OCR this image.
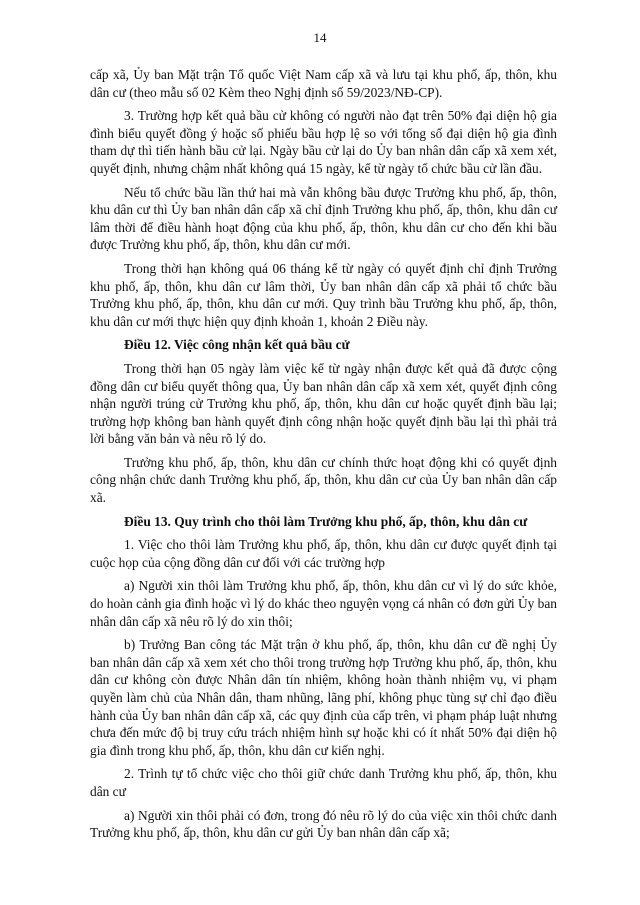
14

cấp xã, Ủy ban Mặt trận Tổ quốc Việt Nam cấp xã và lưu tại khu phố, ấp, thôn, khu dân cư (theo mẫu số 02 Kèm theo Nghị định số 59/2023/NĐ-CP).

3. Trường hợp kết quả bầu cử không có người nào đạt trên 50% đại diện hộ gia đình biểu quyết đồng ý hoặc số phiếu bầu hợp lệ so với tổng số đại diện hộ gia đình tham dự thì tiến hành bầu cử lại. Ngày bầu cử lại do Ủy ban nhân dân cấp xã xem xét, quyết định, nhưng chậm nhất không quá 15 ngày, kể từ ngày tổ chức bầu cử lần đầu.

Nếu tổ chức bầu lần thứ hai mà vẫn không bầu được Trưởng khu phố, ấp, thôn, khu dân cư thì Ủy ban nhân dân cấp xã chỉ định Trưởng khu phố, ấp, thôn, khu dân cư lâm thời để điều hành hoạt động của khu phố, ấp, thôn, khu dân cư cho đến khi bầu được Trưởng khu phố, ấp, thôn, khu dân cư mới.

Trong thời hạn không quá 06 tháng kể từ ngày có quyết định chỉ định Trưởng khu phố, ấp, thôn, khu dân cư lâm thời, Ủy ban nhân dân cấp xã phải tổ chức bầu Trưởng khu phố, ấp, thôn, khu dân cư mới. Quy trình bầu Trưởng khu phố, ấp, thôn, khu dân cư mới thực hiện quy định khoản 1, khoản 2 Điều này.

Điều 12. Việc công nhận kết quả bầu cử

Trong thời hạn 05 ngày làm việc kể từ ngày nhận được kết quả đã được cộng đồng dân cư biểu quyết thông qua, Ủy ban nhân dân cấp xã xem xét, quyết định công nhận người trúng cử Trưởng khu phố, ấp, thôn, khu dân cư hoặc quyết định bầu lại; trường hợp không ban hành quyết định công nhận hoặc quyết định bầu lại thì phải trả lời bằng văn bản và nêu rõ lý do.

Trưởng khu phố, ấp, thôn, khu dân cư chính thức hoạt động khi có quyết định công nhận chức danh Trưởng khu phố, ấp, thôn, khu dân cư của Ủy ban nhân dân cấp xã.

Điều 13. Quy trình cho thôi làm Trưởng khu phố, ấp, thôn, khu dân cư

1. Việc cho thôi làm Trưởng khu phố, ấp, thôn, khu dân cư được quyết định tại cuộc họp của cộng đồng dân cư đối với các trường hợp

a) Người xin thôi làm Trưởng khu phố, ấp, thôn, khu dân cư vì lý do sức khỏe, do hoàn cảnh gia đình hoặc vì lý do khác theo nguyện vọng cá nhân có đơn gửi Ủy ban nhân dân cấp xã nêu rõ lý do xin thôi;

b) Trưởng Ban công tác Mặt trận ở khu phố, ấp, thôn, khu dân cư đề nghị Ủy ban nhân dân cấp xã xem xét cho thôi trong trường hợp Trưởng khu phố, ấp, thôn, khu dân cư không còn được Nhân dân tín nhiệm, không hoàn thành nhiệm vụ, vi phạm quyền làm chủ của Nhân dân, tham nhũng, lãng phí, không phục tùng sự chỉ đạo điều hành của Ủy ban nhân dân cấp xã, các quy định của cấp trên, vi phạm pháp luật nhưng chưa đến mức độ bị truy cứu trách nhiệm hình sự hoặc khi có ít nhất 50% đại diện hộ gia đình trong khu phố, ấp, thôn, khu dân cư kiến nghị.

2. Trình tự tổ chức việc cho thôi giữ chức danh Trưởng khu phố, ấp, thôn, khu dân cư

a) Người xin thôi phải có đơn, trong đó nêu rõ lý do của việc xin thôi chức danh Trưởng khu phố, ấp, thôn, khu dân cư gửi Ủy ban nhân dân cấp xã;
